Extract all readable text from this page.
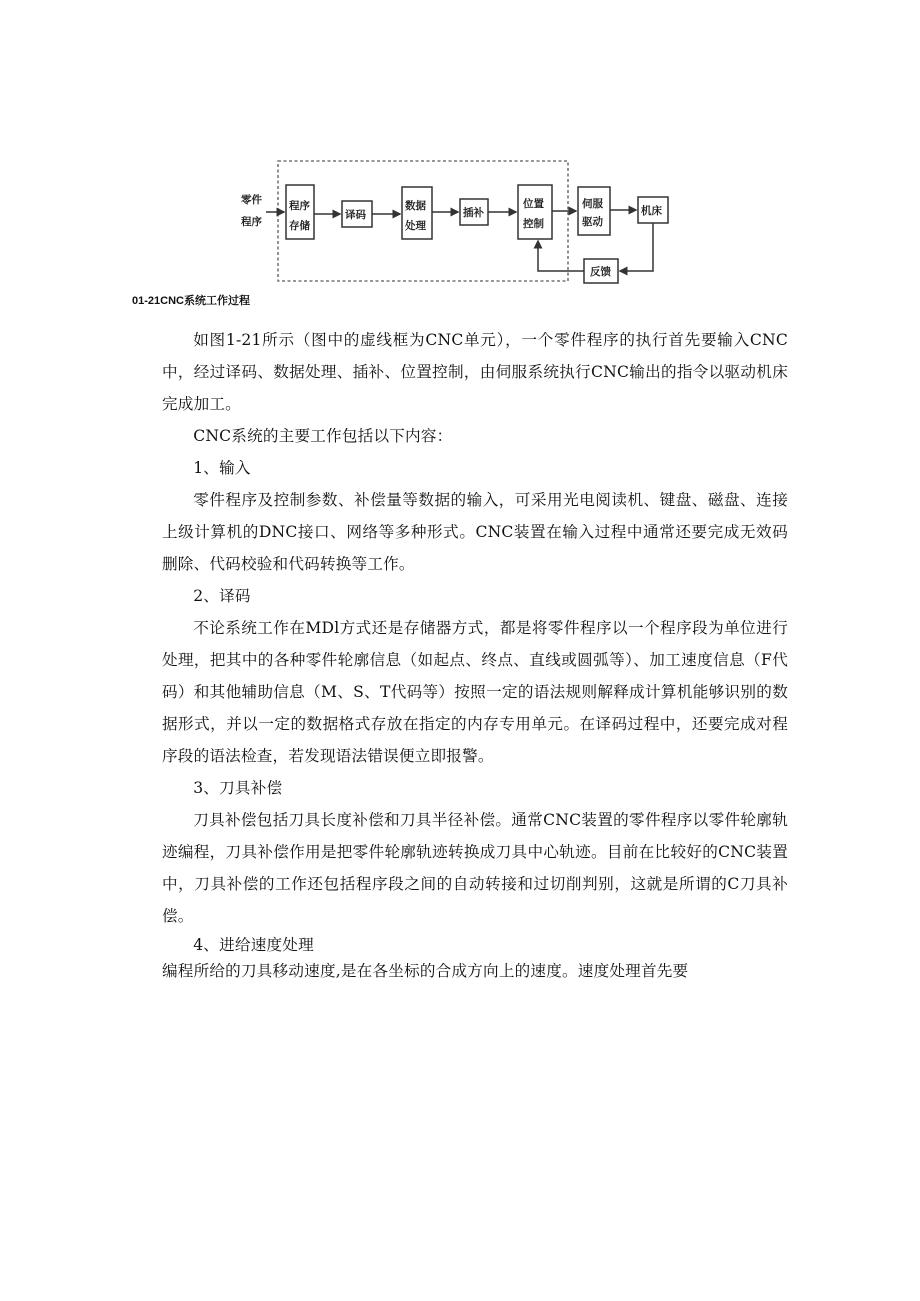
零件
程序
程序
存储
译码
数据
处理
插补
位置
控制
伺服
驱动
机床
反馈
01-21CNC系统工作过程

如图1-21所示（图中的虚线框为CNC单元），一个零件程序的执行首先要输入CNC中，经过译码、数据处理、插补、位置控制，由伺服系统执行CNC输出的指令以驱动机床完成加工。

CNC系统的主要工作包括以下内容：

1、输入

零件程序及控制参数、补偿量等数据的输入，可采用光电阅读机、键盘、磁盘、连接上级计算机的DNC接口、网络等多种形式。CNC装置在输入过程中通常还要完成无效码删除、代码校验和代码转换等工作。

2、译码

不论系统工作在MDl方式还是存储器方式，都是将零件程序以一个程序段为单位进行处理，把其中的各种零件轮廓信息（如起点、终点、直线或圆弧等）、加工速度信息（F代码）和其他辅助信息（M、S、T代码等）按照一定的语法规则解释成计算机能够识别的数据形式，并以一定的数据格式存放在指定的内存专用单元。在译码过程中，还要完成对程序段的语法检查，若发现语法错误便立即报警。

3、刀具补偿

刀具补偿包括刀具长度补偿和刀具半径补偿。通常CNC装置的零件程序以零件轮廓轨迹编程，刀具补偿作用是把零件轮廓轨迹转换成刀具中心轨迹。目前在比较好的CNC装置中，刀具补偿的工作还包括程序段之间的自动转接和过切削判别，这就是所谓的C刀具补偿。

4、进给速度处理

编程所给的刀具移动速度,是在各坐标的合成方向上的速度。速度处理首先要
